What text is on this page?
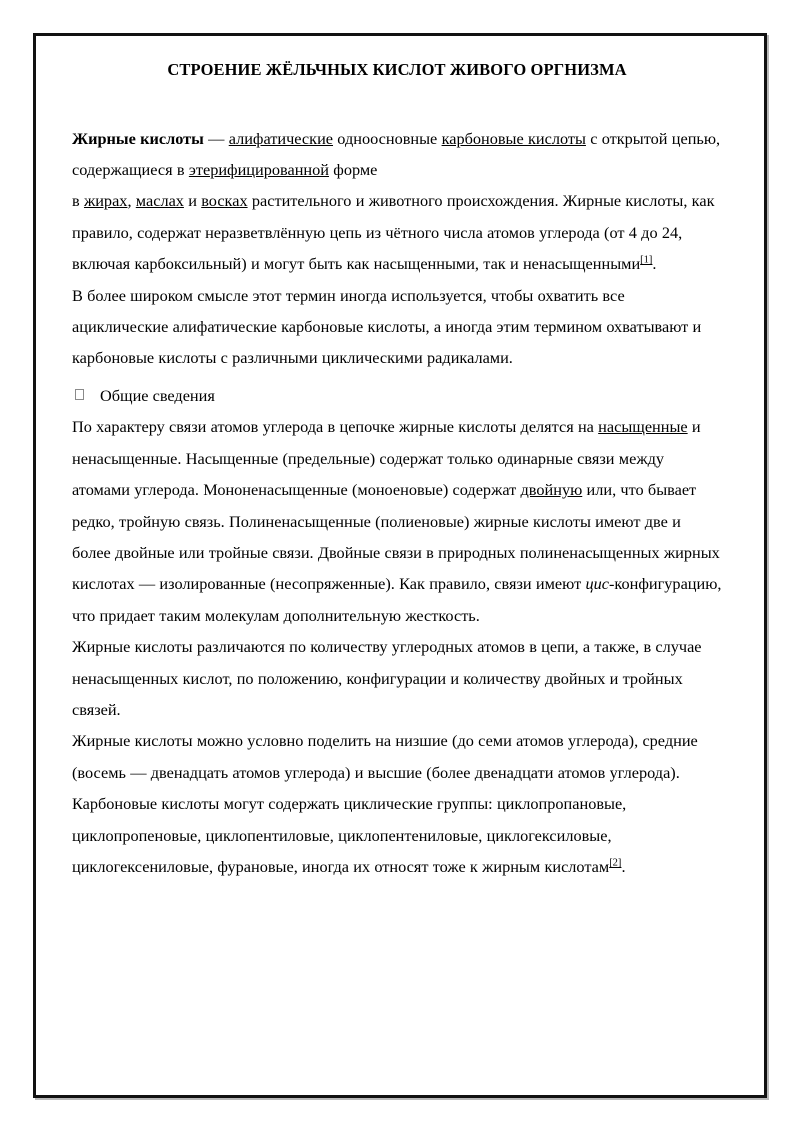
СТРОЕНИЕ ЖЁЛЬЧНЫХ КИСЛОТ ЖИВОГО ОРГНИЗМА

Жирные кислоты — алифатические одноосновные карбоновые кислоты с открытой цепью, содержащиеся в этерифицированной форме
в жирах, маслах и восках растительного и животного происхождения. Жирные кислоты, как правило, содержат неразветвлённую цепь из чётного числа атомов углерода (от 4 до 24, включая карбоксильный) и могут быть как насыщенными, так и ненасыщенными[1].

В более широком смысле этот термин иногда используется, чтобы охватить все ациклические алифатические карбоновые кислоты, а иногда этим термином охватывают и карбоновые кислоты с различными циклическими радикалами.

Общие сведения

По характеру связи атомов углерода в цепочке жирные кислоты делятся на насыщенные и ненасыщенные. Насыщенные (предельные) содержат только одинарные связи между атомами углерода. Мононенасыщенные (моноеновые) содержат двойную или, что бывает редко, тройную связь. Полиненасыщенные (полиеновые) жирные кислоты имеют две и более двойные или тройные связи. Двойные связи в природных полиненасыщенных жирных кислотах — изолированные (несопряженные). Как правило, связи имеют цис-конфигурацию, что придает таким молекулам дополнительную жесткость.

Жирные кислоты различаются по количеству углеродных атомов в цепи, а также, в случае ненасыщенных кислот, по положению, конфигурации и количеству двойных и тройных связей.

Жирные кислоты можно условно поделить на низшие (до семи атомов углерода), средние (восемь — двенадцать атомов углерода) и высшие (более двенадцати атомов углерода). Карбоновые кислоты могут содержать циклические группы: циклопропановые, циклопропеновые, циклопентиловые, циклопентениловые, циклогексиловые, циклогексениловые, фурановые, иногда их относят тоже к жирным кислотам[2].
